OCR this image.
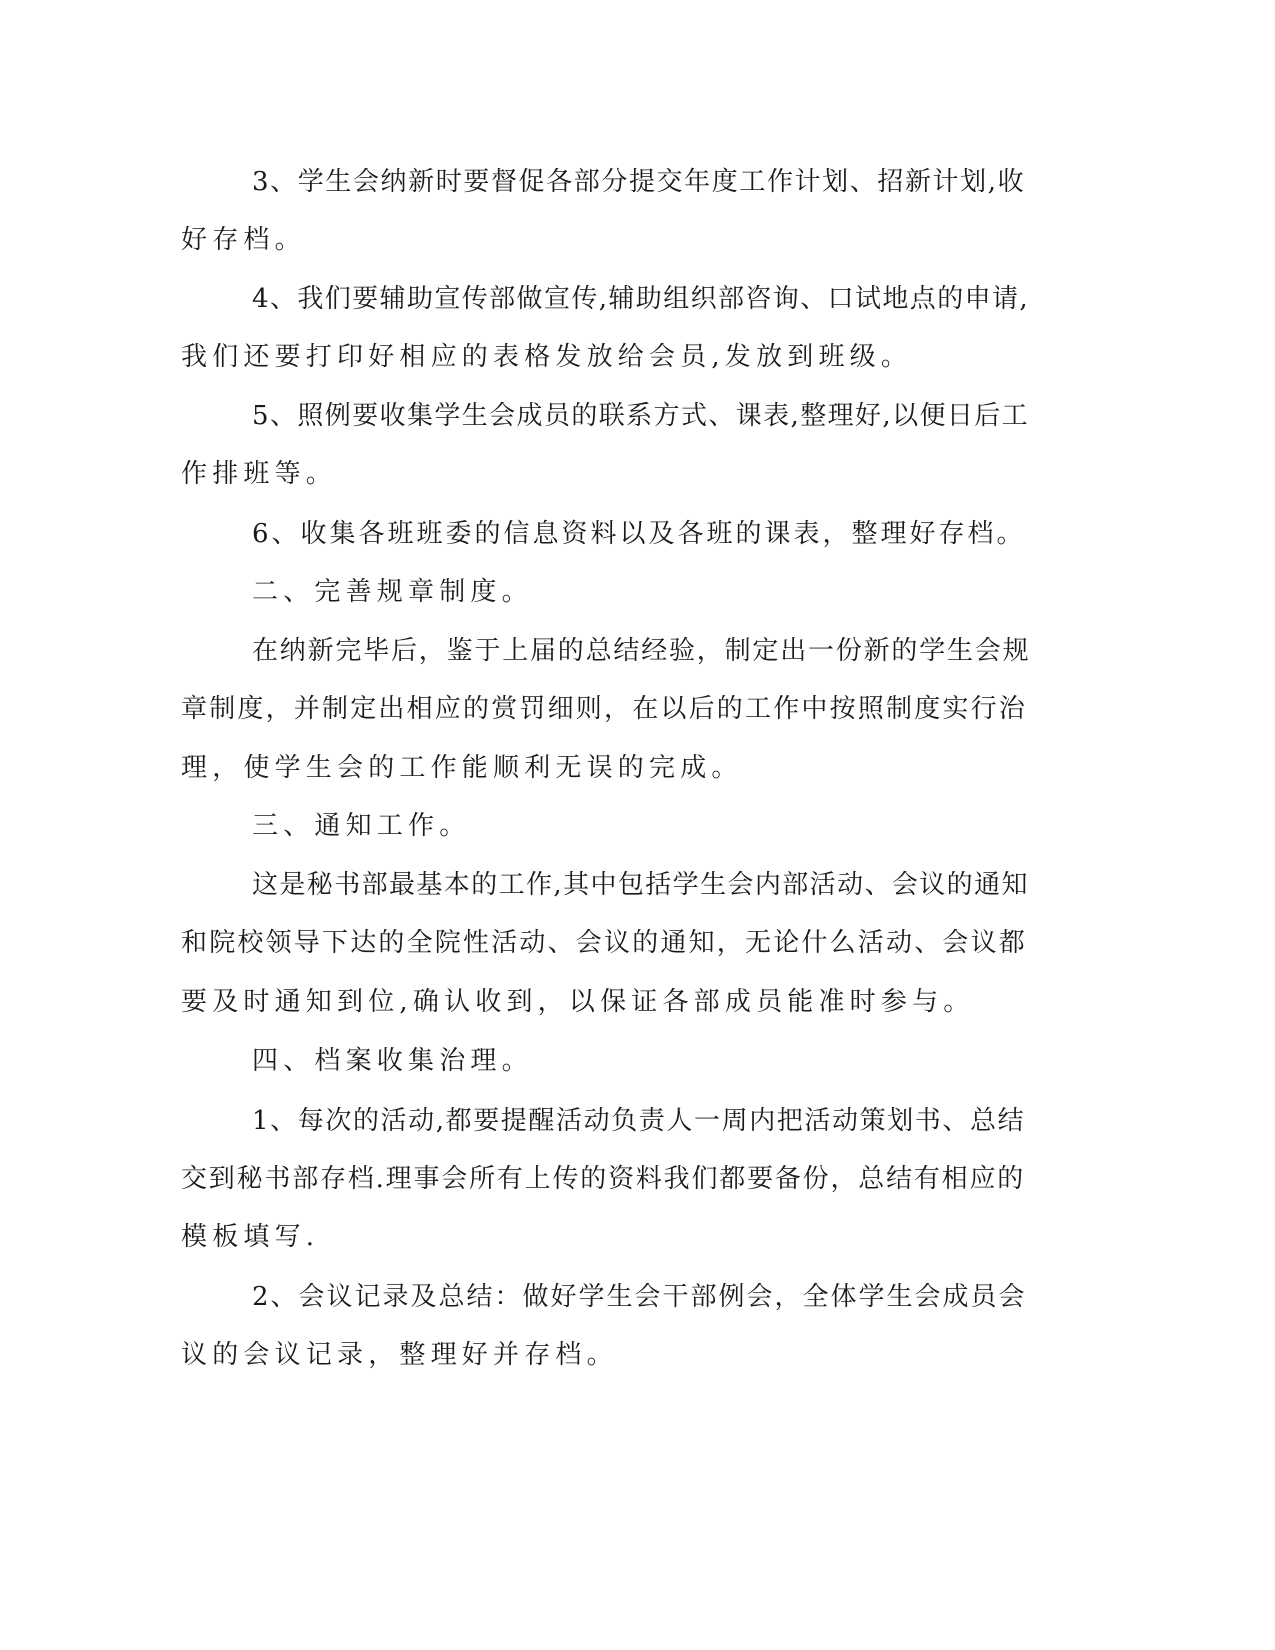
3、学生会纳新时要督促各部分提交年度工作计划、招新计划,收
好存档。
4、我们要辅助宣传部做宣传,辅助组织部咨询、口试地点的申请,
我们还要打印好相应的表格发放给会员,发放到班级。
5、照例要收集学生会成员的联系方式、课表,整理好,以便日后工
作排班等。
6、收集各班班委的信息资料以及各班的课表，整理好存档。
二、完善规章制度。
在纳新完毕后，鉴于上届的总结经验，制定出一份新的学生会规
章制度，并制定出相应的赏罚细则，在以后的工作中按照制度实行治
理，使学生会的工作能顺利无误的完成。
三、通知工作。
这是秘书部最基本的工作,其中包括学生会内部活动、会议的通知
和院校领导下达的全院性活动、会议的通知，无论什么活动、会议都
要及时通知到位,确认收到，以保证各部成员能准时参与。
四、档案收集治理。
1、每次的活动,都要提醒活动负责人一周内把活动策划书、总结
交到秘书部存档.理事会所有上传的资料我们都要备份，总结有相应的
模板填写.
2、会议记录及总结：做好学生会干部例会，全体学生会成员会
议的会议记录，整理好并存档。
